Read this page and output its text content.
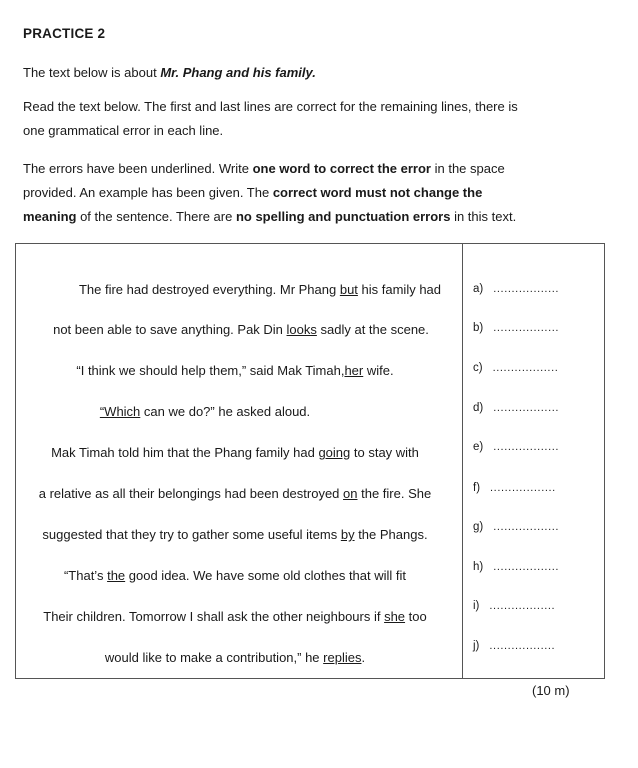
PRACTICE 2
The text below is about Mr. Phang and his family.
Read the text below. The first and last lines are correct for the remaining lines, there is
one grammatical error in each line.
The errors have been underlined. Write one word to correct the error in the space
provided. An example has been given. The correct word must not change the
meaning of the sentence. There are no spelling and punctuation errors in this text.
The fire had destroyed everything. Mr Phang but his family had
not been able to save anything. Pak Din looks sadly at the scene.
“I think we should help them,” said Mak Timah,her wife.
“Which can we do?” he asked aloud.
Mak Timah told him that the Phang family had going to stay with
a relative as all their belongings had been destroyed on the fire. She
suggested that they try to gather some useful items by the Phangs.
“That’s the good idea. We have some old clothes that will fit
Their children. Tomorrow I shall ask the other neighbours if she too
would like to make a contribution,” he replies.
a) ..................
b) ..................
c) ..................
d) ..................
e) ..................
f) ..................
g) ..................
h) ..................
i) ..................
j) ..................
(10 m)
